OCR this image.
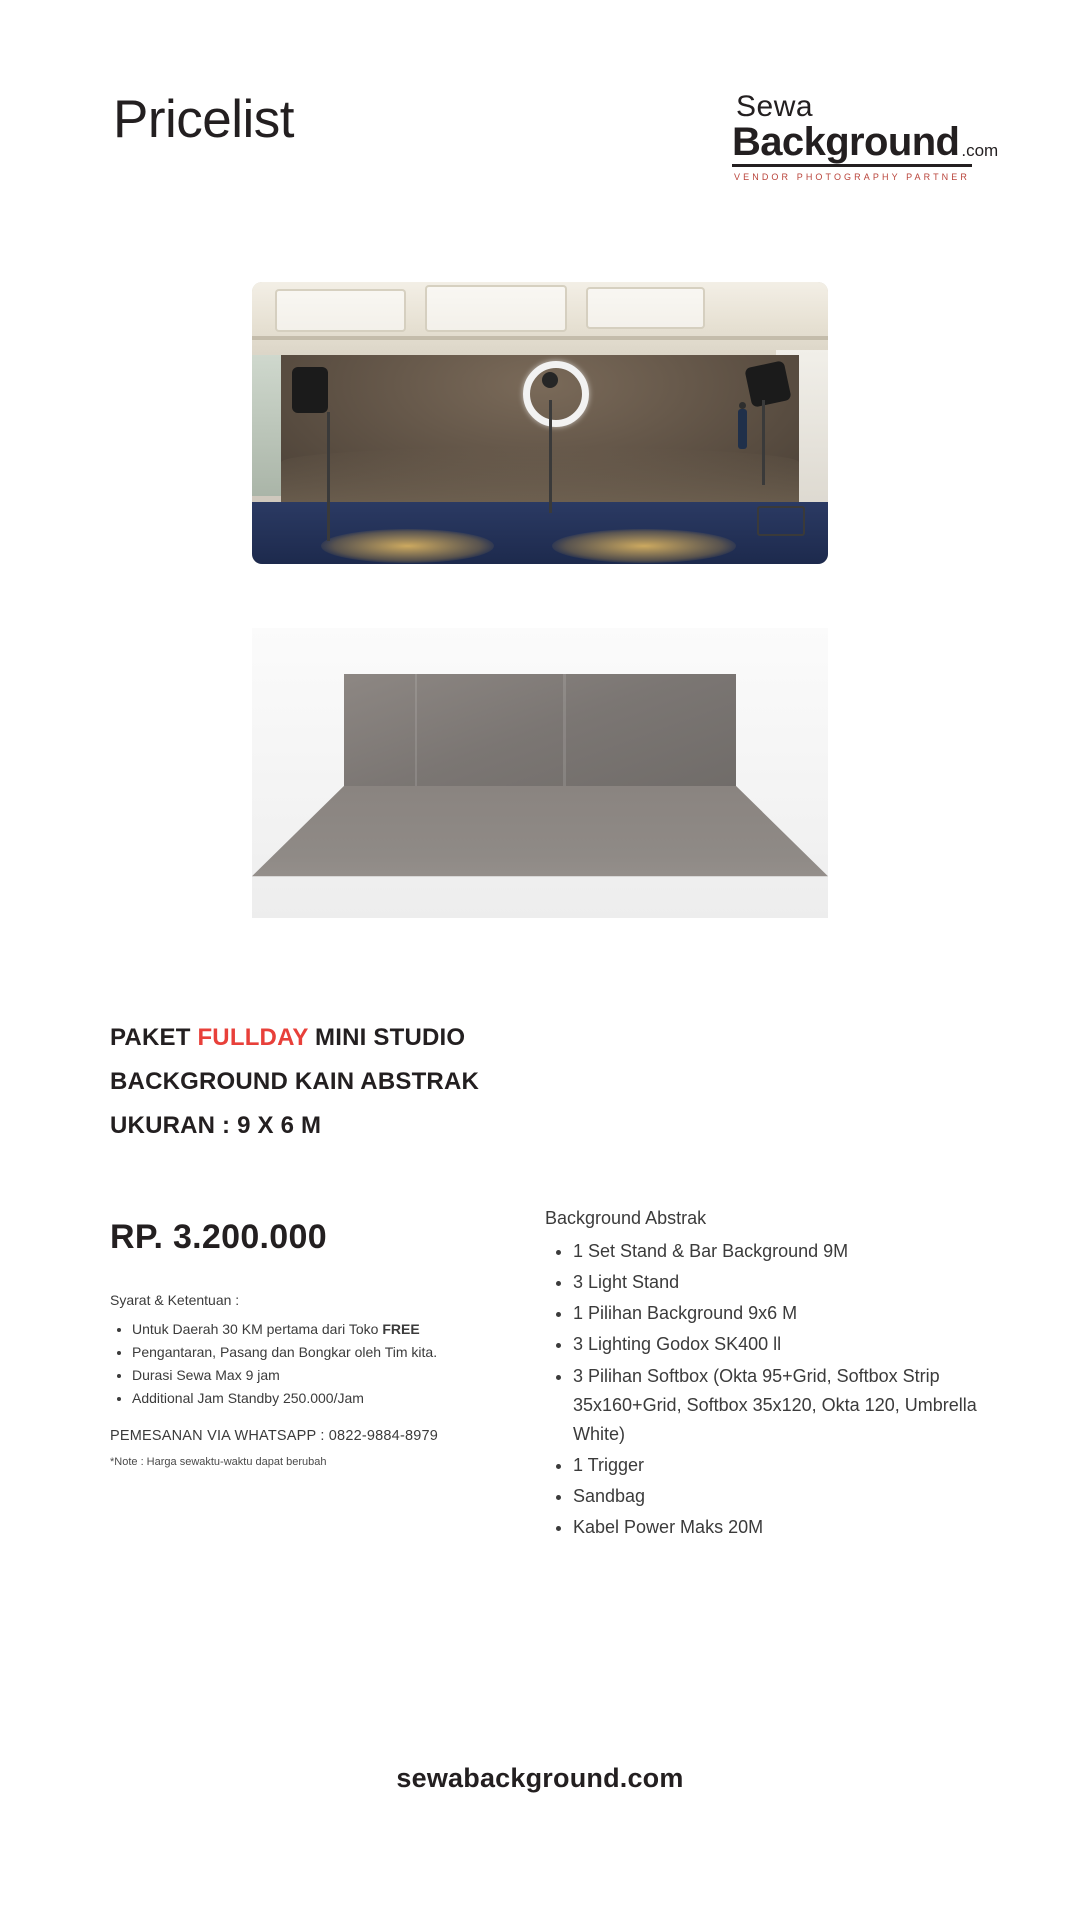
Pricelist	Sewa
Background .com
VENDOR PHOTOGRAPHY PARTNER
PAKET FULLDAY MINI STUDIO
BACKGROUND KAIN ABSTRAK
UKURAN : 9 X 6 M
RP. 3.200.000
Syarat & Ketentuan :
• Untuk Daerah 30 KM pertama dari Toko FREE
• Pengantaran, Pasang dan Bongkar oleh Tim kita.
• Durasi Sewa Max 9 jam
• Additional Jam Standby 250.000/Jam
PEMESANAN VIA WHATSAPP : 0822-9884-8979
*Note : Harga sewaktu-waktu dapat berubah
Background Abstrak
• 1 Set Stand & Bar Background 9M
• 3 Light Stand
• 1 Pilihan Background 9x6 M
• 3 Lighting Godox SK400 ll
• 3 Pilihan Softbox (Okta 95+Grid, Softbox Strip 35x160+Grid, Softbox 35x120, Okta 120, Umbrella White)
• 1 Trigger
• Sandbag
• Kabel Power Maks 20M
sewabackground.com
